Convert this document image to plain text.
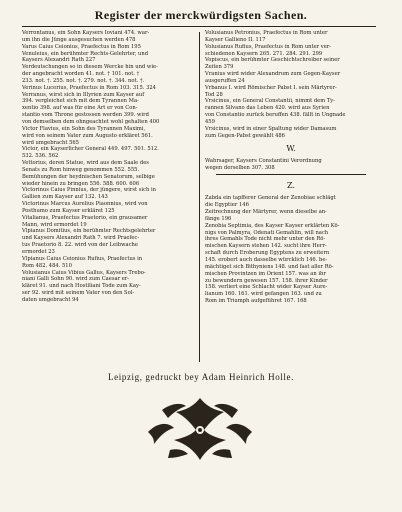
Register der merckwürdigsten Sachen.
Verrontanus, ein Sohn Kaysers Ioviani 474. war-
um ihn die Jünge ausgesuchen werden 478
Varus Caius Ceionius, Praefectus in Rom 195
Venuleius, ein berühmter Rechts-Gelehrter, und
Kaysers Alexandri Rath 227
Verdeutschungen so in diesem Wercke hin und wie-
der angebracht worden 41. not. † 101. not. †
233. not. †. 255. not. †. 279. not. †. 344. not. †.
Verinus Lucerius, Praefectus in Rom 103. 315. 324
Verranus, wirst sich in Illyrien zum Kayser auf
394. vergleichet sich mit dem Tyrannen Ma-
xentio 398. auf was für eine Art er von Con-
stantio vom Throne gestossen werden 399. wird
von demselben dem ohngeachtet wohl gehalten 400
Victor Flavius, ein Sohn des Tyrannen Maximi,
wird von seinem Vater zum Augusto erkläret 561.
wird umgebracht 565
Victor, ein Kayserlicher General 449. 497. 501. 512.
532. 536. 562
Vettorius, deren Statue, wird aus dem Saale des
Senats zu Rom hinweg genommen 552. 555.
Bemühungen der heydnischen Senatorum, selbige
wieder hinein zu bringen 556. 588. 600. 606
Victorinus Caius Pinnius, der jüngere, wirst sich in
Gallien zum Kayser auf 132. 143
Victorinus Marcus Aurelius Piaonnius, wird von
Posthumo zum Kayser erkläret 125
Vitalianus, Praefectus Praetorio, ein grausamer
Mann, wird ermordet 19
Vlpianus Domitius, ein berühmter Rechtsgelehrter
und Kaysers Alexandri Rath 7. wird Praefec-
tus Praetorio 8. 22. wird von der Leibwache
ermordet 23
Vlpianus Caius Ceionius Rufius, Praefectus in
Rom 482. 484. 510
Volusianus Caius Vibius Gallus, Kaysers Trebo-
niani Galli Sohn 90. wird zum Caesar er-
kläret 91. und nach Hostiliani Tode zum Kay-
ser 92. wird mit seinem Vater von den Sol-
daten umgebracht 94
Volusianus Petronius, Praefectus in Rom unter
Kayser Gallieno II. 117
Volusianus Rufius, Praefectus in Rom unter ver-
schiedenen Kaysern 265. 271. 284. 291. 299
Vopiscus, ein berühmter Geschichtschreiber seiner
Zeiten 379
Vranius wird wider Alexandrum zum Gegen-Kayser
ausgeruffen 24
Vrbanus I. wird Römischer Pabst I. sein Märtyrer-
Tod 28
Vrsicinus, ein General Constantii, nimmt dem Ty-
rannen Silvano das Leben 420. wird aus Syrien
von Constantio zurück beruffen 438. fällt in Ungnade
459
Vrsicinus, wird in einer Spaltung wider Damasum
zum Gegen-Pabst gewählt 486
W.
Wahrsager, Kaysers Constantini Verordnung
wegen derselben 307. 308
Z.
Zabda ein tapfferer General der Zenobiae schlägt
die Egyptier 146
Zeitrechnung der Märtyrer, wenn dieselbe an-
fänge 196
Zenobia Septimia, des Kayser Kayser erklärten Kö-
nigs von Palmyra, Odenati Gemahlin, will nach
ihres Gemahls Tode nicht mehr unter den Rö-
mischen Kaysern stehen 142. sucht ihre Herr-
schaft durch Eroberung Egyptens zu erweitern
145. erobert auch dasselbe würcklich 146. be-
mächtiget sich Bithyniens 148. und fast aller Rö-
mischen Provintzen im Orient 157. was an ihr
zu bewundern gewesen 157. 158. ihrer Kinder
158. verliert eine Schlacht wider Kayser Aure-
lianum 160. 161. wird gefangen 163. und zu
Rom im Triumph aufgeführet 167. 168
Leipzig, gedruckt bey Adam Heinrich Holle.
